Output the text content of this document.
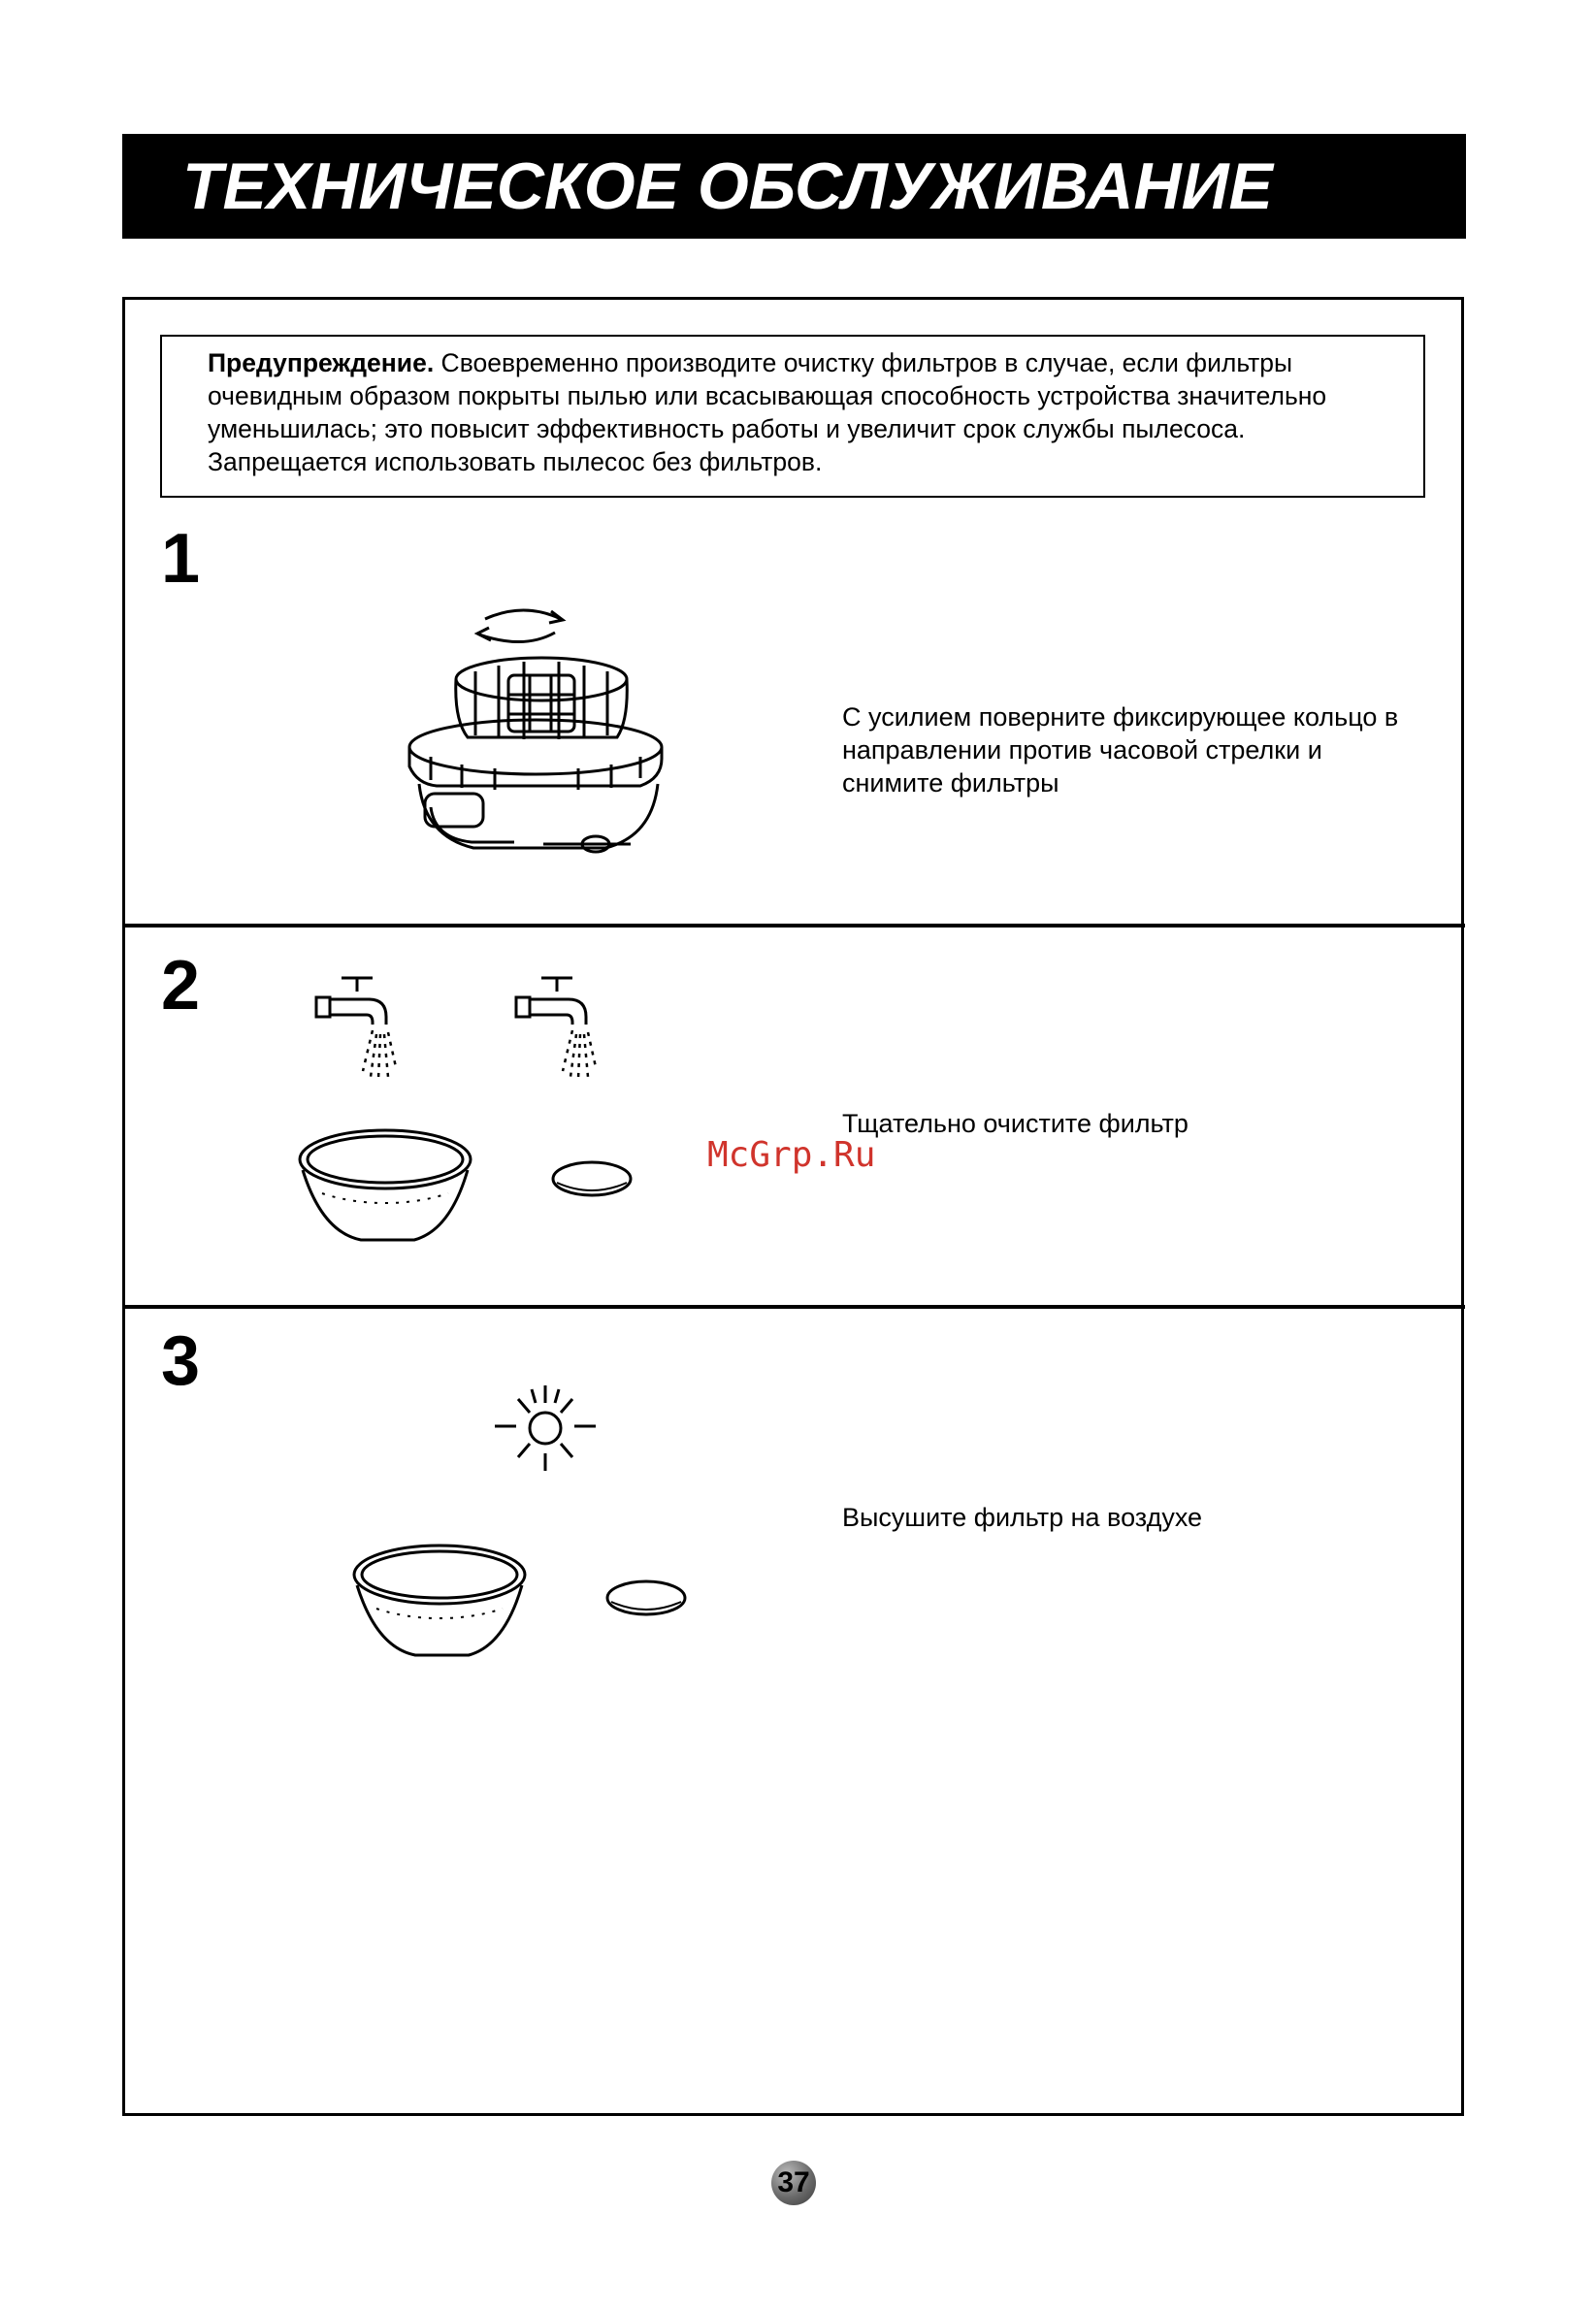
ТЕХНИЧЕСКОЕ ОБСЛУЖИВАНИЕ
Предупреждение. Своевременно производите очистку фильтров в случае, если фильтры очевидным образом покрыты пылью или всасывающая способность устройства значительно уменьшилась; это повысит эффективность работы и увеличит срок службы пылесоса. Запрещается использовать пылесос без фильтров.
1
С усилием поверните фиксирующее кольцо в направлении против часовой стрелки и снимите фильтры
2
Тщательно очистите фильтр
McGrp.Ru
3
Высушите фильтр на воздухе
37
